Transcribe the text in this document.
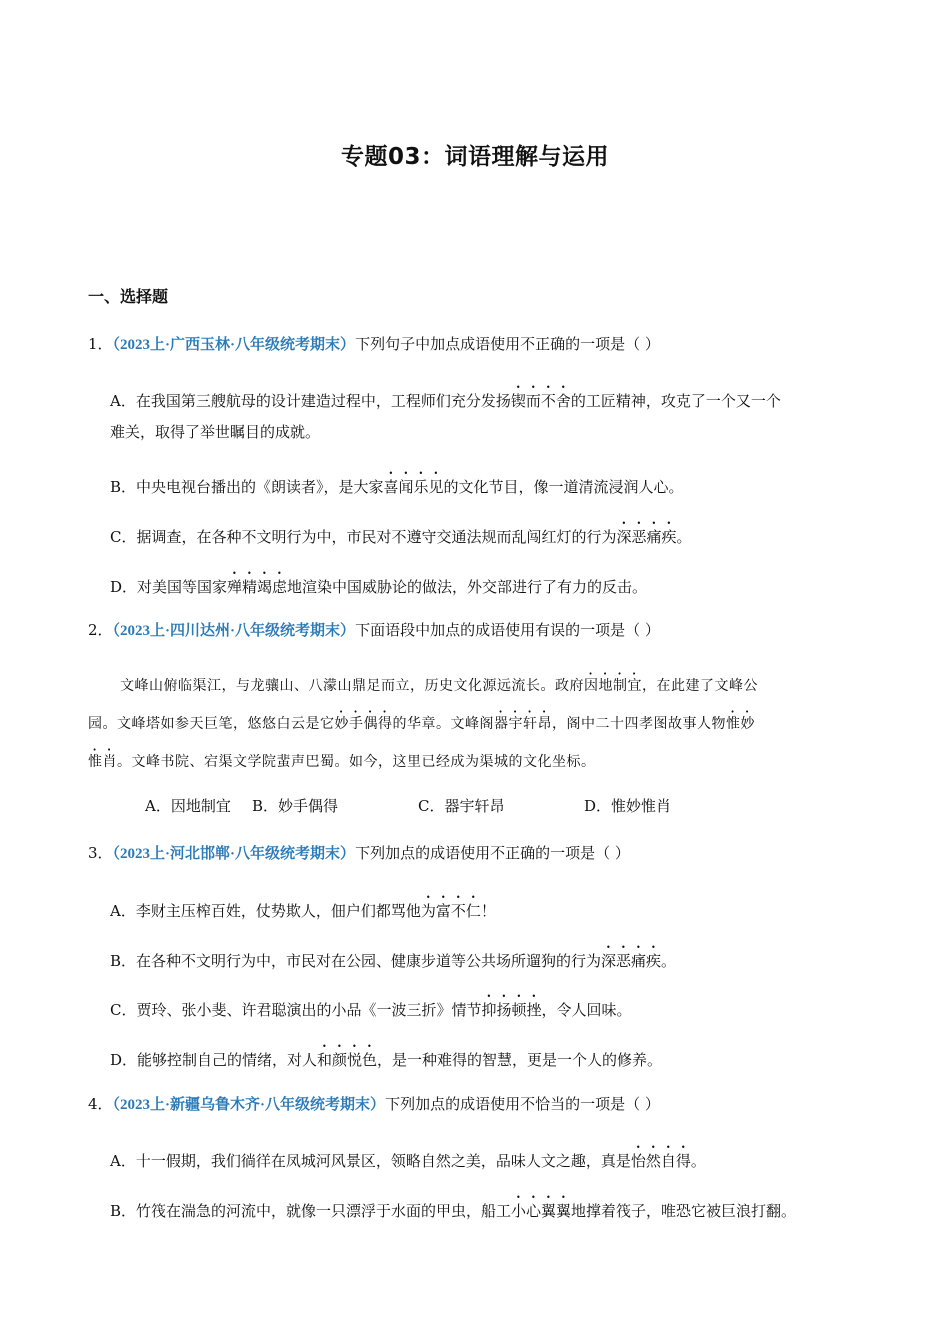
专题03：词语理解与运用
一、选择题
1．（2023上·广西玉林·八年级统考期末）下列句子中加点成语使用不正确的一项是（ ）
A．在我国第三艘航母的设计建造过程中，工程师们充分发扬锲而不舍的工匠精神，攻克了一个又一个
难关，取得了举世瞩目的成就。
B．中央电视台播出的《朗读者》，是大家喜闻乐见的文化节目，像一道清流浸润人心。
C．据调查，在各种不文明行为中，市民对不遵守交通法规而乱闯红灯的行为深恶痛疾。
D．对美国等国家殚精竭虑地渲染中国威胁论的做法，外交部进行了有力的反击。
2．（2023上·四川达州·八年级统考期末）下面语段中加点的成语使用有误的一项是（ ）
文峰山俯临渠江，与龙骧山、八濛山鼎足而立，历史文化源远流长。政府因地制宜，在此建了文峰公
园。文峰塔如参天巨笔，悠悠白云是它妙手偶得的华章。文峰阁器宇轩昂，阁中二十四孝图故事人物惟妙
惟肖。文峰书院、宕渠文学院蜚声巴蜀。如今，这里已经成为渠城的文化坐标。
A．因地制宜 B．妙手偶得	C．器宇轩昂	D．惟妙惟肖
3．（2023上·河北邯郸·八年级统考期末）下列加点的成语使用不正确的一项是（ ）
A．李财主压榨百姓，仗势欺人，佃户们都骂他为富不仁！
B．在各种不文明行为中，市民对在公园、健康步道等公共场所遛狗的行为深恶痛疾。
C．贾玲、张小斐、许君聪演出的小品《一波三折》情节抑扬顿挫，令人回味。
D．能够控制自己的情绪，对人和颜悦色，是一种难得的智慧，更是一个人的修养。
4．（2023上·新疆乌鲁木齐·八年级统考期末）下列加点的成语使用不恰当的一项是（ ）
A．十一假期，我们徜徉在凤城河风景区，领略自然之美，品味人文之趣，真是怡然自得。
B．竹筏在湍急的河流中，就像一只漂浮于水面的甲虫，船工小心翼翼地撑着筏子，唯恐它被巨浪打翻。
